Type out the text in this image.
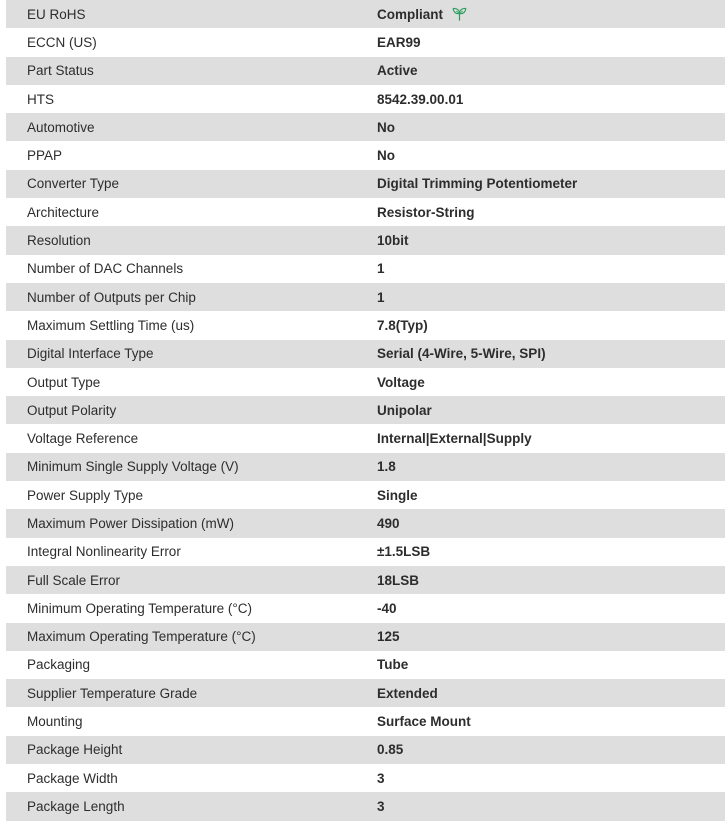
EU RoHS	Compliant
ECCN (US)	EAR99
Part Status	Active
HTS	8542.39.00.01
Automotive	No
PPAP	No
Converter Type	Digital Trimming Potentiometer
Architecture	Resistor-String
Resolution	10bit
Number of DAC Channels	1
Number of Outputs per Chip	1
Maximum Settling Time (us)	7.8(Typ)
Digital Interface Type	Serial (4-Wire, 5-Wire, SPI)
Output Type	Voltage
Output Polarity	Unipolar
Voltage Reference	Internal|External|Supply
Minimum Single Supply Voltage (V)	1.8
Power Supply Type	Single
Maximum Power Dissipation (mW)	490
Integral Nonlinearity Error	±1.5LSB
Full Scale Error	18LSB
Minimum Operating Temperature (°C)	-40
Maximum Operating Temperature (°C)	125
Packaging	Tube
Supplier Temperature Grade	Extended
Mounting	Surface Mount
Package Height	0.85
Package Width	3
Package Length	3
